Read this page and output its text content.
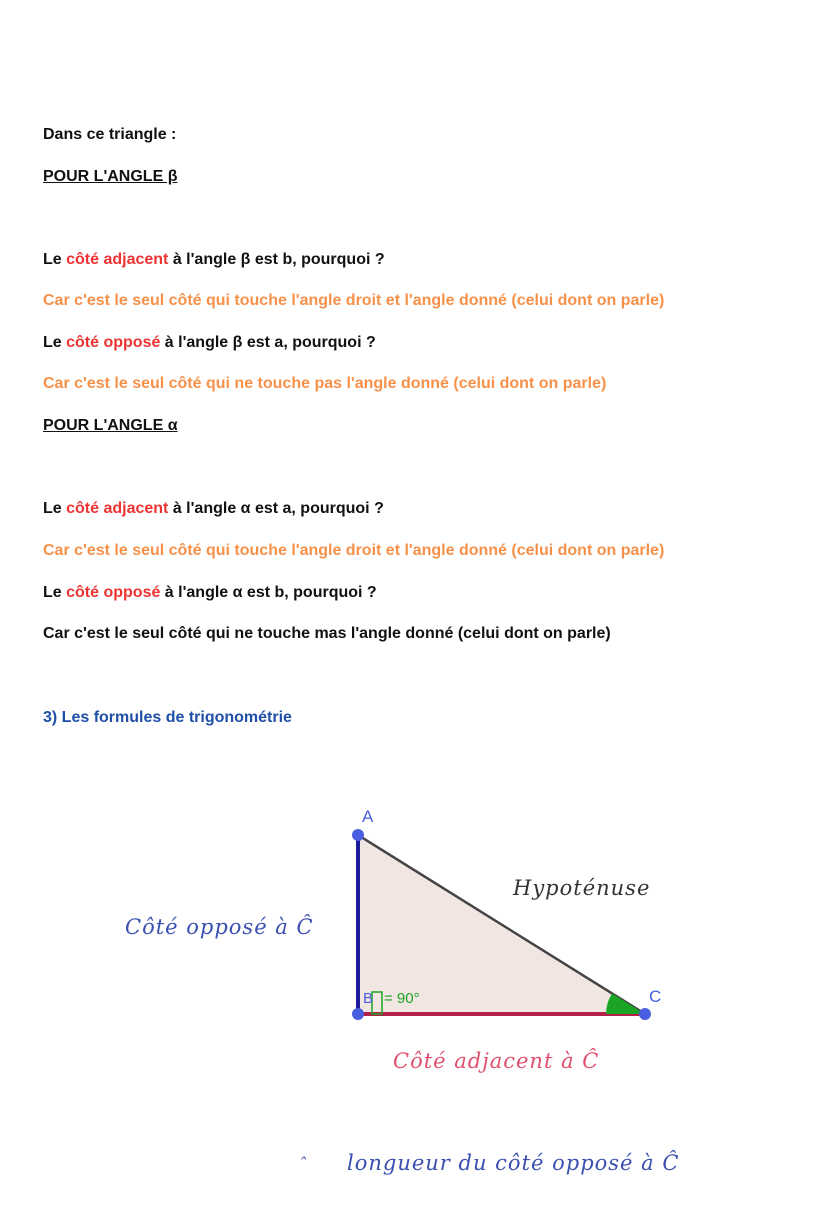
Dans ce triangle :
POUR L'ANGLE β
Le côté adjacent à l'angle β est b, pourquoi ?
Car c'est le seul côté qui touche l'angle droit et l'angle donné (celui dont on parle)
Le côté opposé à l'angle β est a, pourquoi ?
Car c'est le seul côté qui ne touche pas l'angle donné (celui dont on parle)
POUR L'ANGLE α
Le côté adjacent à l'angle α est a, pourquoi ?
Car c'est le seul côté qui touche l'angle droit et l'angle donné (celui dont on parle)
Le côté opposé à l'angle α est b, pourquoi ?
Car c'est le seul côté qui ne touche mas l'angle donné (celui dont on parle)
3) Les formules de trigonométrie
A
B	C
= 90°
Hypoténuse
Côté opposé à Ĉ
Côté adjacent à Ĉ
ˆ longueur du côté opposé à Ĉ
